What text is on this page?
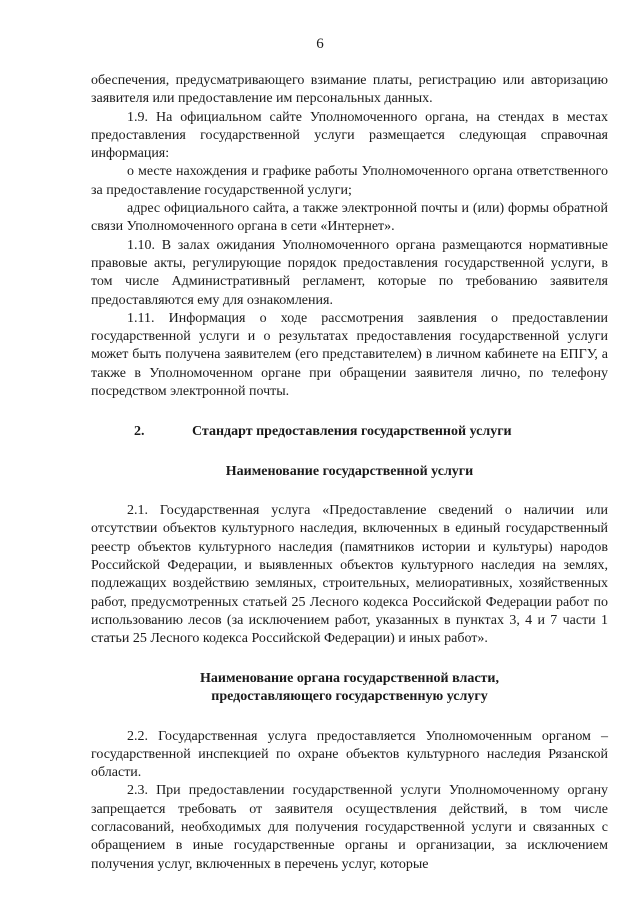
6

обеспечения, предусматривающего взимание платы, регистрацию или авторизацию заявителя или предоставление им персональных данных.

1.9. На официальном сайте Уполномоченного органа, на стендах в местах предоставления государственной услуги размещается следующая справочная информация:

о месте нахождения и графике работы Уполномоченного органа ответственного за предоставление государственной услуги;

адрес официального сайта, а также электронной почты и (или) формы обратной связи Уполномоченного органа в сети «Интернет».

1.10. В залах ожидания Уполномоченного органа размещаются нормативные правовые акты, регулирующие порядок предоставления государственной услуги, в том числе Административный регламент, которые по требованию заявителя предоставляются ему для ознакомления.

1.11. Информация о ходе рассмотрения заявления о предоставлении государственной услуги и о результатах предоставления государственной услуги может быть получена заявителем (его представителем) в личном кабинете на ЕПГУ, а также в Уполномоченном органе при обращении заявителя лично, по телефону посредством электронной почты.

2.	Стандарт предоставления государственной услуги
Наименование государственной услуги

2.1. Государственная услуга «Предоставление сведений о наличии или отсутствии объектов культурного наследия, включенных в единый государственный реестр объектов культурного наследия (памятников истории и культуры) народов Российской Федерации, и выявленных объектов культурного наследия на землях, подлежащих воздействию земляных, строительных, мелиоративных, хозяйственных работ, предусмотренных статьей 25 Лесного кодекса Российской Федерации работ по использованию лесов (за исключением работ, указанных в пунктах 3, 4 и 7 части 1 статьи 25 Лесного кодекса Российской Федерации) и иных работ».

Наименование органа государственной власти,
предоставляющего государственную услугу

2.2. Государственная услуга предоставляется Уполномоченным органом – государственной инспекцией по охране объектов культурного наследия Рязанской области.

2.3. При предоставлении государственной услуги Уполномоченному органу запрещается требовать от заявителя осуществления действий, в том числе согласований, необходимых для получения государственной услуги и связанных с обращением в иные государственные органы и организации, за исключением получения услуг, включенных в перечень услуг, которые
